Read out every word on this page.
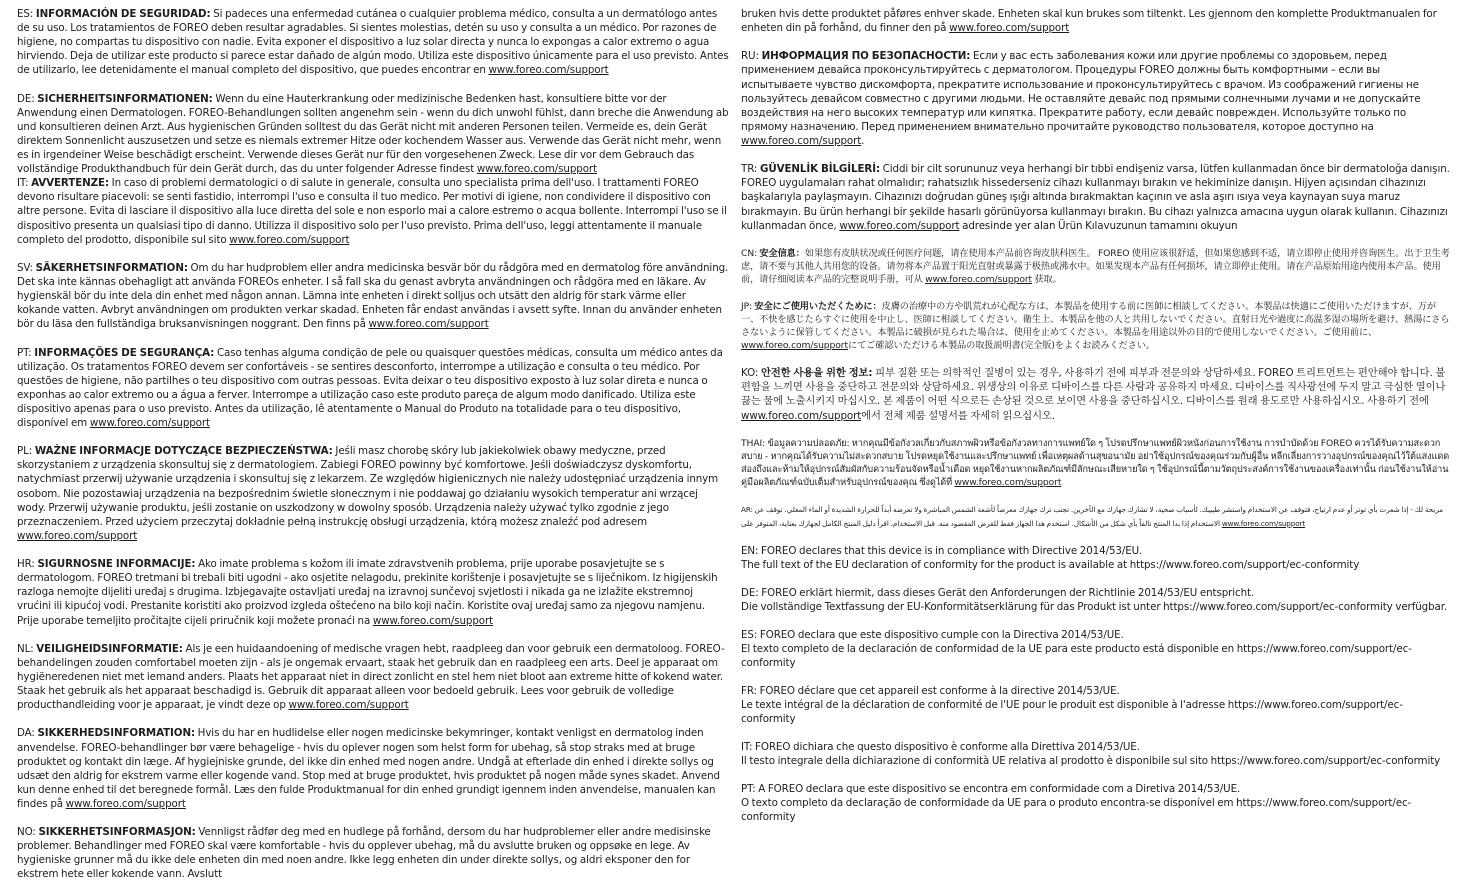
ES: INFORMACIÓN DE SEGURIDAD: Si padeces una enfermedad cutánea o cualquier problema médico, consulta a un dermatólogo antes de su uso. Los tratamientos de FOREO deben resultar agradables. Si sientes molestias, detén su uso y consulta a un médico. Por razones de higiene, no compartas tu dispositivo con nadie. Evita exponer el dispositivo a luz solar directa y nunca lo expongas a calor extremo o agua hirviendo. Deja de utilizar este producto si parece estar dañado de algún modo. Utiliza este dispositivo únicamente para el uso previsto. Antes de utilizarlo, lee detenidamente el manual completo del dispositivo, que puedes encontrar en www.foreo.com/support

DE: SICHERHEITSINFORMATIONEN: Wenn du eine Hauterkrankung oder medizinische Bedenken hast, konsultiere bitte vor der Anwendung einen Dermatologen. FOREO-Behandlungen sollten angenehm sein - wenn du dich unwohl fühlst, dann breche die Anwendung ab und konsultieren deinen Arzt. Aus hygienischen Gründen solltest du das Gerät nicht mit anderen Personen teilen. Vermeide es, dein Gerät direktem Sonnenlicht auszusetzen und setze es niemals extremer Hitze oder kochendem Wasser aus. Verwende das Gerät nicht mehr, wenn es in irgendeiner Weise beschädigt erscheint. Verwende dieses Gerät nur für den vorgesehenen Zweck. Lese dir vor dem Gebrauch das vollständige Produkthandbuch für dein Gerät durch, das du unter folgender Adresse findest www.foreo.com/support

IT: AVVERTENZE: In caso di problemi dermatologici o di salute in generale, consulta uno specialista prima dell'uso. I trattamenti FOREO devono risultare piacevoli: se senti fastidio, interrompi l'uso e consulta il tuo medico. Per motivi di igiene, non condividere il dispositivo con altre persone. Evita di lasciare il dispositivo alla luce diretta del sole e non esporlo mai a calore estremo o acqua bollente. Interrompi l'uso se il dispositivo presenta un qualsiasi tipo di danno. Utilizza il dispositivo solo per l'uso previsto. Prima dell'uso, leggi attentamente il manuale completo del prodotto, disponibile sul sito www.foreo.com/support

SV: SÄKERHETSINFORMATION: Om du har hudproblem eller andra medicinska besvär bör du rådgöra med en dermatolog före användning. Det ska inte kännas obehagligt att använda FOREOs enheter. I så fall ska du genast avbryta användningen och rådgöra med en läkare. Av hygienskäl bör du inte dela din enhet med någon annan. Lämna inte enheten i direkt solljus och utsätt den aldrig för stark värme eller kokande vatten. Avbryt användningen om produkten verkar skadad. Enheten får endast användas i avsett syfte. Innan du använder enheten bör du läsa den fullständiga bruksanvisningen noggrant. Den finns på www.foreo.com/support

PT: INFORMAÇÕES DE SEGURANÇA: Caso tenhas alguma condição de pele ou quaisquer questões médicas, consulta um médico antes da utilização. Os tratamentos FOREO devem ser confortáveis - se sentires desconforto, interrompe a utilização e consulta o teu médico. Por questões de higiene, não partilhes o teu dispositivo com outras pessoas. Evita deixar o teu dispositivo exposto à luz solar direta e nunca o exponhas ao calor extremo ou a água a ferver. Interrompe a utilização caso este produto pareça de algum modo danificado. Utiliza este dispositivo apenas para o uso previsto. Antes da utilização, lê atentamente o Manual do Produto na totalidade para o teu dispositivo, disponível em www.foreo.com/support

PL: WAŻNE INFORMACJE DOTYCZĄCE BEZPIECZEŃSTWA: Jeśli masz chorobę skóry lub jakiekolwiek obawy medyczne, przed skorzystaniem z urządzenia skonsultuj się z dermatologiem. Zabiegi FOREO powinny być komfortowe. Jeśli doświadczysz dyskomfortu, natychmiast przerwij używanie urządzenia i skonsultuj się z lekarzem. Ze względów higienicznych nie należy udostępniać urządzenia innym osobom. Nie pozostawiaj urządzenia na bezpośrednim świetle słonecznym i nie poddawaj go działaniu wysokich temperatur ani wrzącej wody. Przerwij używanie produktu, jeśli zostanie on uszkodzony w dowolny sposób. Urządzenia należy używać tylko zgodnie z jego przeznaczeniem. Przed użyciem przeczytaj dokładnie pełną instrukcję obsługi urządzenia, którą możesz znaleźć pod adresem www.foreo.com/support

HR: SIGURNOSNE INFORMACIJE: Ako imate problema s kožom ili imate zdravstvenih problema, prije uporabe posavjetujte se s dermatologom. FOREO tretmani bi trebali biti ugodni - ako osjetite nelagodu, prekinite korištenje i posavjetujte se s liječnikom. Iz higijenskih razloga nemojte dijeliti uređaj s drugima. Izbjegavajte ostavljati uređaj na izravnoj sunčevoj svjetlosti i nikada ga ne izlažite ekstremnoj vrućini ili kipućoj vodi. Prestanite koristiti ako proizvod izgleda oštećeno na bilo koji način. Koristite ovaj uređaj samo za njegovu namjenu. Prije uporabe temeljito pročitajte cijeli priručnik koji možete pronaći na www.foreo.com/support

NL: VEILIGHEIDSINFORMATIE: Als je een huidaandoening of medische vragen hebt, raadpleeg dan voor gebruik een dermatoloog. FOREO-behandelingen zouden comfortabel moeten zijn - als je ongemak ervaart, staak het gebruik dan en raadpleeg een arts. Deel je apparaat om hygiëneredenen niet met iemand anders. Plaats het apparaat niet in direct zonlicht en stel hem niet bloot aan extreme hitte of kokend water. Staak het gebruik als het apparaat beschadigd is. Gebruik dit apparaat alleen voor bedoeld gebruik. Lees voor gebruik de volledige producthandleiding voor je apparaat, je vindt deze op www.foreo.com/support

DA: SIKKERHEDSINFORMATION: Hvis du har en hudlidelse eller nogen medicinske bekymringer, kontakt venligst en dermatolog inden anvendelse. FOREO-behandlinger bør være behagelige - hvis du oplever nogen som helst form for ubehag, så stop straks med at bruge produktet og kontakt din læge. Af hygiejniske grunde, del ikke din enhed med nogen andre. Undgå at efterlade din enhed i direkte sollys og udsæt den aldrig for ekstrem varme eller kogende vand. Stop med at bruge produktet, hvis produktet på nogen måde synes skadet. Anvend kun denne enhed til det beregnede formål. Læs den fulde Produktmanual for din enhed grundigt igennem inden anvendelse, manualen kan findes på www.foreo.com/support

NO: SIKKERHETSINFORMASJON: Vennligst rådfør deg med en hudlege på forhånd, dersom du har hudproblemer eller andre medisinske problemer. Behandlinger med FOREO skal være komfortable - hvis du opplever ubehag, må du avslutte bruken og oppsøke en lege. Av hygieniske grunner må du ikke dele enheten din med noen andre. Ikke legg enheten din under direkte sollys, og aldri eksponer den for ekstrem hete eller kokende vann. Avslutt

bruken hvis dette produktet påføres enhver skade. Enheten skal kun brukes som tiltenkt. Les gjennom den komplette Produktmanualen for enheten din på forhånd, du finner den på www.foreo.com/support

RU: ИНФОРМАЦИЯ ПО БЕЗОПАСНОСТИ: Если у вас есть заболевания кожи или другие проблемы со здоровьем, перед применением девайса проконсультируйтесь с дерматологом. Процедуры FOREO должны быть комфортными – если вы испытываете чувство дискомфорта, прекратите использование и проконсультируйтесь с врачом. Из соображений гигиены не пользуйтесь девайсом совместно с другими людьми. Не оставляйте девайс под прямыми солнечными лучами и не допускайте воздействия на него высоких температур или кипятка. Прекратите работу, если девайс поврежден. Используйте только по прямому назначению. Перед применением внимательно прочитайте руководство пользователя, которое доступно на www.foreo.com/support.

TR: GÜVENLİK BİLGİLERİ: Ciddi bir cilt sorununuz veya herhangi bir tıbbi endişeniz varsa, lütfen kullanmadan önce bir dermatoloğa danışın. FOREO uygulamaları rahat olmalıdır; rahatsızlık hissederseniz cihazı kullanmayı bırakın ve hekiminize danışın. Hijyen açısından cihazınızı başkalarıyla paylaşmayın. Cihazınızı doğrudan güneş ışığı altında bırakmaktan kaçının ve asla aşırı ısıya veya kaynayan suya maruz bırakmayın. Bu ürün herhangi bir şekilde hasarlı görünüyorsa kullanmayı bırakın. Bu cihazı yalnızca amacına uygun olarak kullanın. Cihazınızı kullanmadan önce, www.foreo.com/support adresinde yer alan Ürün Kılavuzunun tamamını okuyun

CN: 安全信息：如果您有皮肤状况或任何医疗问题，请在使用本产品前咨询皮肤科医生。 FOREO 使用应该很舒适，但如果您感到不适，请立即停止使用并咨询医生。出于卫生考虑，请不要与其他人共用您的设备。请勿将本产品置于阳光直射或暴露于极热或沸水中。如果发现本产品有任何损坏，请立即停止使用。请在产品原始用途内使用本产品。使用前，请仔细阅读本产品的完整说明手册，可从 www.foreo.com/support 获取。

JP: 安全にご使用いただくために：皮膚の治療中の方や肌荒れが心配な方は、本製品を使用する前に医師に相談してください。本製品は快適にご使用いただけますが、万が一、不快を感じたらすぐに使用を中止し、医師に相談してください。衛生上、本製品を他の人と共用しないでください。直射日光や過度に高温多湿の場所を避け、熱湯にさらさないように保管してください。本製品に破損が見られた場合は、使用を止めてください。本製品を用途以外の目的で使用しないでください。ご使用前に、www.foreo.com/supportにてご確認いただける本製品の取扱説明書(完全版)をよくお読みください。

KO: 안전한 사용을 위한 정보: 피부 질환 또는 의학적인 질병이 있는 경우, 사용하기 전에 피부과 전문의와 상담하세요. FOREO 트리트먼트는 편안해야 합니다. 불편함을 느끼면 사용을 중단하고 전문의와 상담하세요. 위생상의 이유로 디바이스를 다른 사람과 공유하지 마세요. 디바이스를 직사광선에 두지 말고 극심한 열이나 끓는 물에 노출시키지 마십시오. 본 제품이 어떤 식으로든 손상된 것으로 보이면 사용을 중단하십시오. 디바이스를 원래 용도로만 사용하십시오. 사용하기 전에 www.foreo.com/support에서 전체 제품 설명서를 자세히 읽으십시오.

THAI: ข้อมูลความปลอดภัย: หากคุณมีข้อกังวลเกี่ยวกับสภาพผิวหรือข้อกังวลทางการแพทย์ใด ๆ โปรดปรึกษาแพทย์ผิวหนังก่อนการใช้งาน การบำบัดด้วย FOREO ควรได้รับความสะดวกสบาย - หากคุณได้รับความไม่สะดวกสบาย โปรดหยุดใช้งานและปรึกษาแพทย์ เพื่อเหตุผลด้านสุขอนามัย อย่าใช้อุปกรณ์ของคุณร่วมกับผู้อื่น หลีกเลี่ยงการวางอุปกรณ์ของคุณไว้ใต้แสงแดดส่องถึงและห้ามให้อุปกรณ์สัมผัสกับความร้อนจัดหรือน้ำเดือด หยุดใช้งานหากผลิตภัณฑ์มีลักษณะเสียหายใด ๆ ใช้อุปกรณ์นี้ตามวัตถุประสงค์การใช้งานของเครื่องเท่านั้น ก่อนใช้งานให้อ่านคู่มือผลิตภัณฑ์ฉบับเต็มสำหรับอุปกรณ์ของคุณ ซึ่งดูได้ที่ www.foreo.com/support

AR: مربحة لك - إذا شعرت بأي توتر أو عدم ارتياح، فتوقف عن الاستخدام واستشر طبيبك. لأسباب صحية، لا تشارك جهازك مع الآخرين. تجنب ترك جهازك معرضاً لأشعة الشمس المباشرة ولا تعرضه أبداً للحرارة الشديدة أو الماء المغلي. توقف عن الاستخدام إذا بدا المنتج تالفاً بأي شكل من الأشكال. استخدم هذا الجهاز فقط للغرض المقصود منه. قبل الاستخدام، اقرأ دليل المنتج الكامل لجهازك بعناية، المتوفر على www.foreo.com/support

EN: FOREO declares that this device is in compliance with Directive 2014/53/EU.
The full text of the EU declaration of conformity for the product is available at https://www.foreo.com/support/ec-conformity

DE: FOREO erklärt hiermit, dass dieses Gerät den Anforderungen der Richtlinie 2014/53/EU entspricht.
Die vollständige Textfassung der EU-Konformitätserklärung für das Produkt ist unter https://www.foreo.com/support/ec-conformity verfügbar.

ES: FOREO declara que este dispositivo cumple con la Directiva 2014/53/UE.
El texto completo de la declaración de conformidad de la UE para este producto está disponible en https://www.foreo.com/support/ec-conformity

FR: FOREO déclare que cet appareil est conforme à la directive 2014/53/UE.
Le texte intégral de la déclaration de conformité de l'UE pour le produit est disponible à l'adresse https://www.foreo.com/support/ec-conformity

IT: FOREO dichiara che questo dispositivo è conforme alla Direttiva 2014/53/UE.
Il testo integrale della dichiarazione di conformità UE relativa al prodotto è disponibile sul sito https://www.foreo.com/support/ec-conformity

PT: A FOREO declara que este dispositivo se encontra em conformidade com a Diretiva 2014/53/UE.
O texto completo da declaração de conformidade da UE para o produto encontra-se disponível em https://www.foreo.com/support/ec-conformity
